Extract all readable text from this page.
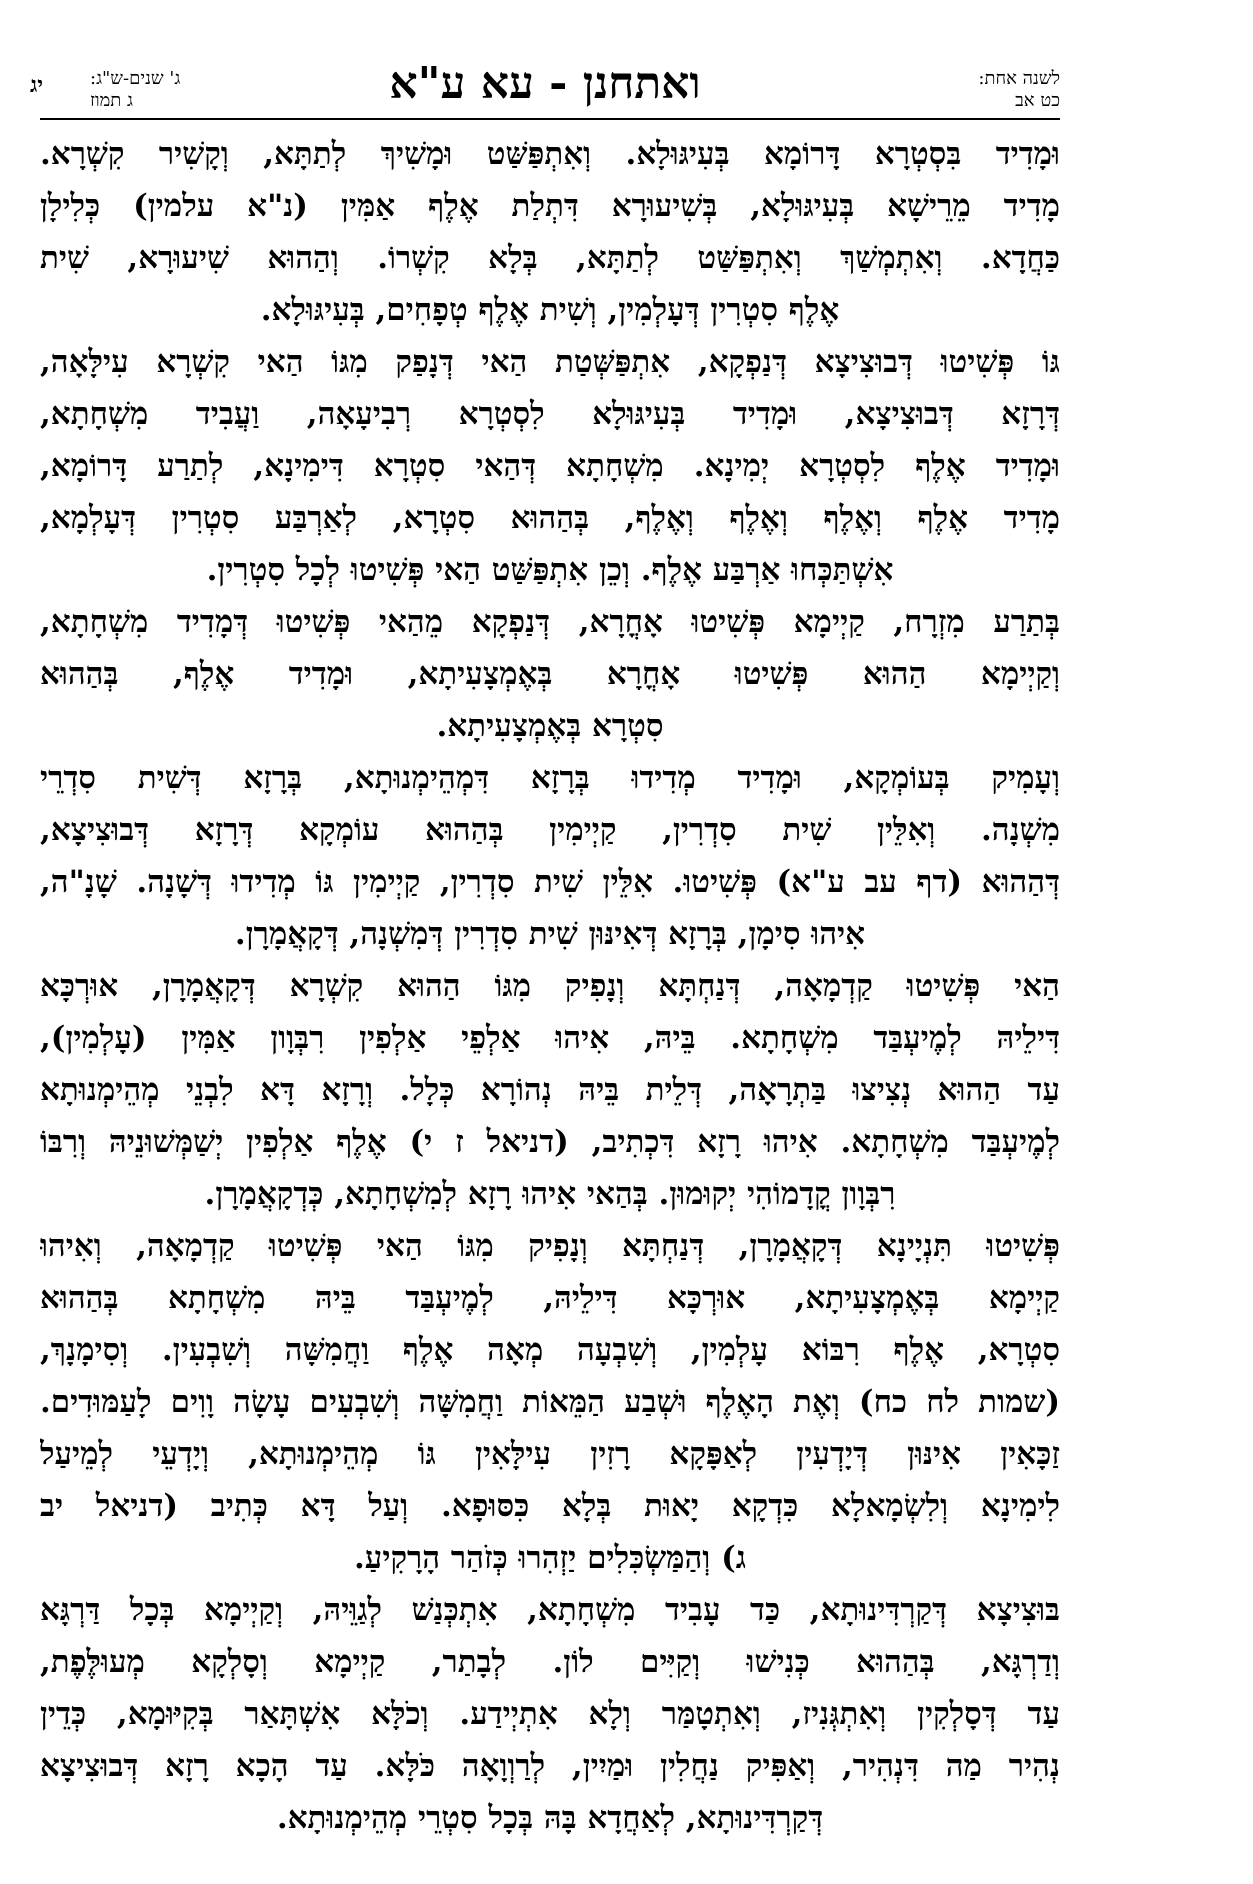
לשנה אחת:
כט אב
ואתחנן - עא ע"א
ג' שנים-ש"ג:
ג תמוז
יג
וּמָדִיד בִּסְטְרָא דָּרוֹמָא בְּעִיגּוּלָא. וְאִתְפַּשַּׁט וּמָשִׁיךְ לְתַתָּא, וְקָשִׁיר קִשְׁרָא.
מָדִיד מֵרֵישָׁא בְּעִיגּוּלָא, בְּשִׁיעוּרָא דִּתְלַת אֶלֶף אַמִּין (נ"א עלמין) כְּלִילָן
כַּחֲדָא. וְאִתְמְשַׁךְ וְאִתְפַּשַּׁט לְתַתָּא, בְּלָא קִשְׁרוֹ. וְהַהוּא שִׁיעוּרָא, שִׁית
אֶלֶף סִטְרִין דְּעָלְמִין, וְשִׁית אֶלֶף טְפָחִים, בְּעִיגּוּלָא.
גּוֹ פְּשִׁיטוּ דְּבוּצִיצָא דְּנַפְקָא, אִתְפַּשְּׁטַת הַאי דְּנָפַק מִגּוֹ הַאי קִשְׁרָא עִילָּאָה,
דְּרָזָא דְּבוּצִיצָא, וּמָדִיד בְּעִיגּוּלָא לִסְטְרָא רְבִיעָאָה, וַעֲבִיד מִשְׁחָתָא,
וּמָדִיד אֶלֶף לִסְטְרָא יְמִינָא. מִשְׁחָתָא דְּהַאי סִטְרָא דִּימִינָא, לְתַרַע דָּרוֹמָא,
מָדִיד אֶלֶף וְאֶלֶף וְאֶלֶף וְאֶלֶף, בְּהַהוּא סִטְרָא, לְאַרְבַּע סִטְרִין דְּעָלְמָא,
אִשְׁתַּכְּחוּ אַרְבַּע אֶלֶף. וְכֵן אִתְפַּשַּׁט הַאי פְּשִׁיטוּ לְכָל סִטְרִין.
בְּתַרַע מִזְרָח, קַיְימָא פְּשִׁיטוּ אָחֳרָא, דְּנַפְקָא מֵהַאי פְּשִׁיטוּ דְּמָדִיד מִשְׁחָתָא,
וְקַיְימָא הַהוּא פְּשִׁיטוּ אָחֳרָא בְּאֶמְצָעִיתָא, וּמָדִיד אֶלֶף, בְּהַהוּא
סִטְרָא בְּאֶמְצָעִיתָא.
וְעָמִיק בְּעוֹמְקָא, וּמָדִיד מְדִידוּ בְּרָזָא דִּמְהֵימְנוּתָא, בְּרָזָא דְּשִׁית סִדְרֵי
מִשְׁנָה. וְאִלֵּין שִׁית סִדְרִין, קַיְימִין בְּהַהוּא עוֹמְקָא דְּרָזָא דְּבוּצִיצָא,
דְּהַהוּא (דף עב ע"א) פְּשִׁיטוּ. אִלֵּין שִׁית סִדְרִין, קַיְימִין גּוֹ מְדִידוּ דְּשָׁנָה. שָׁנָ"ה,
אִיהוּ סִימָן, בְּרָזָא דְּאִינּוּן שִׁית סִדְרִין דְּמִשְׁנָה, דְּקָאֲמָרָן.
הַאי פְּשִׁיטוּ קַדְמָאָה, דְּנַחְתָּא וְנָפִיק מִגּוֹ הַהוּא קִשְׁרָא דְּקָאֲמָרָן, אוּרְכָּא
דִּילֵיהּ לְמֶיעְבַּד מִשְׁחָתָא. בֵּיהּ, אִיהוּ אַלְפֵי אַלְפִין רִבְּוָון אַמִּין (עָלְמִין),
עַד הַהוּא נְצִיצוּ בַּתְרָאָה, דְּלֵית בֵּיהּ נְהוֹרָא כְּלָל. וְרָזָא דָּא לִבְנֵי מְהֵימְנוּתָא
לְמֶיעְבַּד מִשְׁחָתָא. אִיהוּ רָזָא דִּכְתִיב, (דניאל ז י) אֶלֶף אַלְפִין יְשַׁמְּשׁוּנֵיהּ וְרִבּוֹ
רִבְּוָון קֳדָמוֹהִי יְקוּמוּן. בְּהַאי אִיהוּ רָזָא לְמִשְׁחָתָא, כְּדְקָאֲמָרָן.
פְּשִׁיטוּ תִּנְיָינָא דְּקָאֲמָרָן, דְּנַחְתָּא וְנָפִיק מִגּוֹ הַאי פְּשִׁיטוּ קַדְמָאָה, וְאִיהוּ
קַיְימָא בְּאֶמְצָעִיתָא, אוּרְכָּא דִּילֵיהּ, לְמֶיעְבַּד בֵּיהּ מִשְׁחָתָא בְּהַהוּא
סִטְרָא, אֶלֶף רִבּוֹא עָלְמִין, וְשִׁבְעָה מְאָה אֶלֶף וַחֲמִשָּׁה וְשִׁבְעִין. וְסִימָנָךְ,
(שמות לח כח) וְאֶת הָאֶלֶף וּשְׁבַע הַמֵּאוֹת וַחֲמִשָּׁה וְשִׁבְעִים עָשָׂה וָוִים לָעַמּוּדִים.
זַכָּאִין אִינּוּן דְּיָדְעִין לְאַפָּקָא רָזִין עִילָּאִין גּוֹ מְהֵימְנוּתָא, וְיָדְעֵי לְמֵיעַל
לִימִינָא וְלִשְׂמָאלָא כִּדְקָא יָאוּת בְּלָא כִּסּוּפָא. וְעַל דָּא כְּתִיב (דניאל יב
ג) וְהַמַּשְׂכִּלִים יַזְהִרוּ כְּזֹהַר הָרָקִיעַ.
בּוּצִיצָא דְּקַרְדִּינוּתָא, כַּד עָבִיד מִשְׁחָתָא, אִתְכְּנַשׁ לְגַוֵּיהּ, וְקַיְימָא בְּכָל דַּרְגָּא
וְדַרְגָּא, בְּהַהוּא כְּנִישׁוּ וְקַיִּים לוֹן. לְבָתַר, קַיְימָא וְסָלְקָא מְעוּלֶּפֶת,
עַד דְּסָלְקִין וְאִתְגְּנִיז, וְאִתְטָמַּר וְלָא אִתְיְידַע. וְכֹלָּא אִשְׁתָּאַר בְּקִיּוּמָא, כְּדֵין
נְהִיר מַה דִּנְהִיר, וְאַפִּיק נַחֲלִין וּמַיִין, לְרַוְוָאָה כֹּלָּא. עַד הָכָא רָזָא דְּבוּצִיצָא
דְּקַרְדִּינוּתָא, לְאַחֲדָא בָּהּ בְּכָל סִטְרֵי מְהֵימְנוּתָא.
